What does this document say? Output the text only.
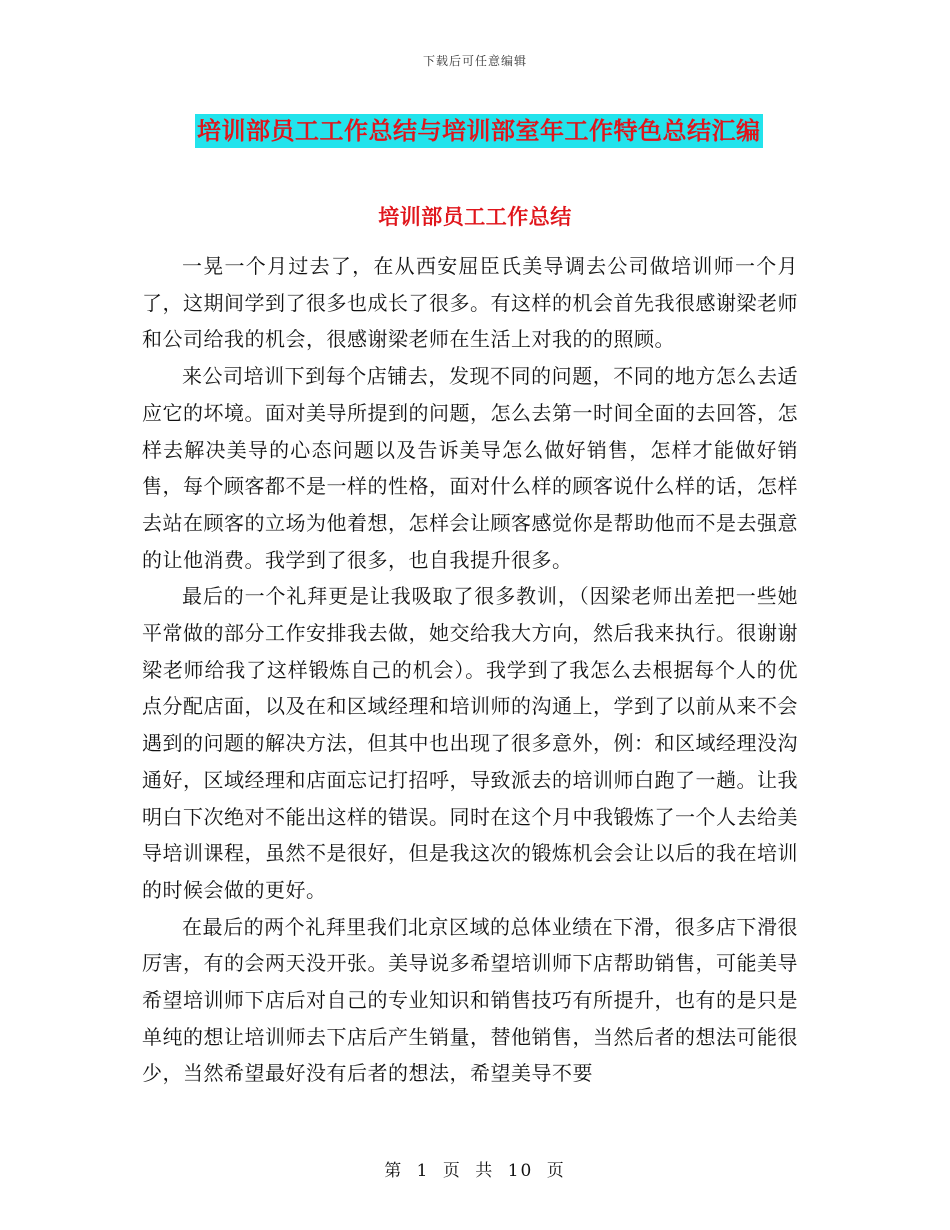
下载后可任意编辑
培训部员工工作总结与培训部室年工作特色总结汇编
培训部员工工作总结

一晃一个月过去了，在从西安屈臣氏美导调去公司做培训师一个月了，这期间学到了很多也成长了很多。有这样的机会首先我很感谢梁老师和公司给我的机会，很感谢梁老师在生活上对我的的照顾。

来公司培训下到每个店铺去，发现不同的问题，不同的地方怎么去适应它的坏境。面对美导所提到的问题，怎么去第一时间全面的去回答，怎样去解决美导的心态问题以及告诉美导怎么做好销售，怎样才能做好销售，每个顾客都不是一样的性格，面对什么样的顾客说什么样的话，怎样去站在顾客的立场为他着想，怎样会让顾客感觉你是帮助他而不是去强意的让他消费。我学到了很多，也自我提升很多。

最后的一个礼拜更是让我吸取了很多教训，（因梁老师出差把一些她平常做的部分工作安排我去做，她交给我大方向，然后我来执行。很谢谢梁老师给我了这样锻炼自己的机会）。我学到了我怎么去根据每个人的优点分配店面，以及在和区域经理和培训师的沟通上，学到了以前从来不会遇到的问题的解决方法，但其中也出现了很多意外，例：和区域经理没沟通好，区域经理和店面忘记打招呼，导致派去的培训师白跑了一趟。让我明白下次绝对不能出这样的错误。同时在这个月中我锻炼了一个人去给美导培训课程，虽然不是很好，但是我这次的锻炼机会会让以后的我在培训的时候会做的更好。

在最后的两个礼拜里我们北京区域的总体业绩在下滑，很多店下滑很厉害，有的会两天没开张。美导说多希望培训师下店帮助销售，可能美导希望培训师下店后对自己的专业知识和销售技巧有所提升，也有的是只是单纯的想让培训师去下店后产生销量，替他销售，当然后者的想法可能很少，当然希望最好没有后者的想法，希望美导不要

第 1 页 共 10 页
